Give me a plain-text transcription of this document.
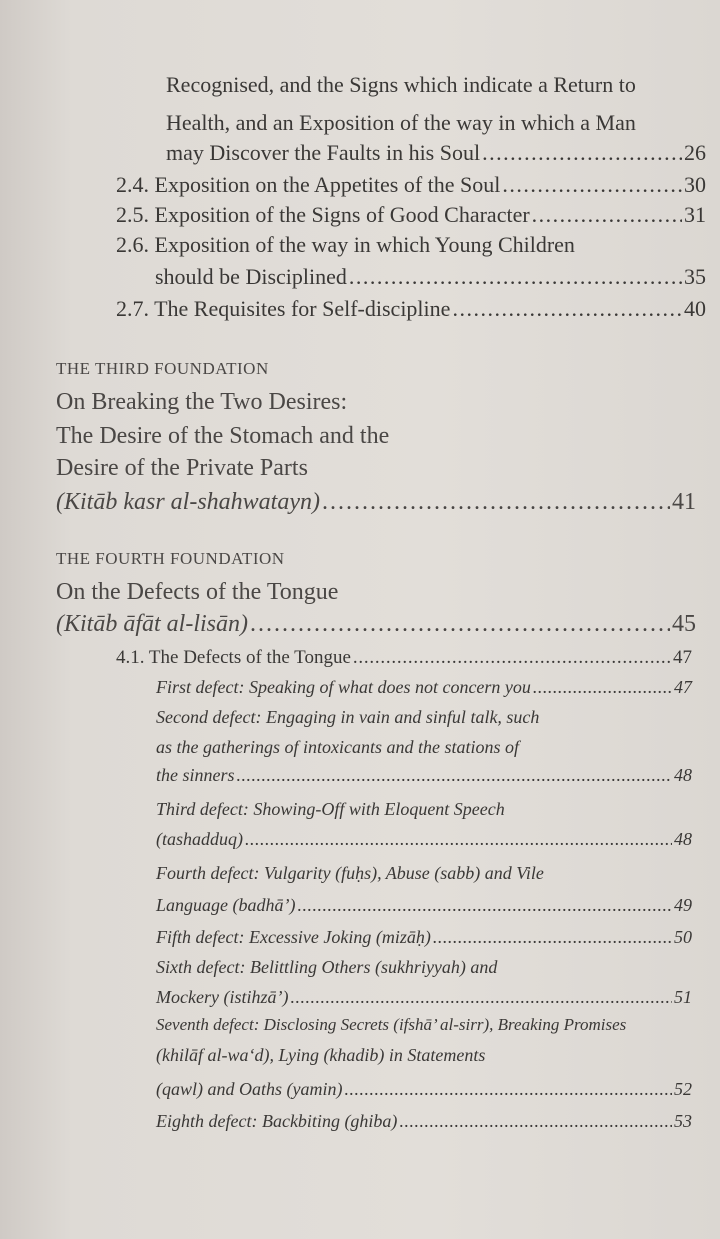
Recognised, and the Signs which indicate a Return to
Health, and an Exposition of the way in which a Man
may Discover the Faults in his Soul . . .	26
2.4. Exposition on the Appetites of the Soul . . .	30
2.5. Exposition of the Signs of Good Character . . .	31
2.6. Exposition of the way in which Young Children
should be Disciplined . . .	35
2.7. The Requisites for Self-discipline . . .	40
THE THIRD FOUNDATION
On Breaking the Two Desires:
The Desire of the Stomach and the
Desire of the Private Parts
(Kitāb kasr al-shahwatayn) . . .	41
THE FOURTH FOUNDATION
On the Defects of the Tongue
(Kitāb āfāt al-lisān) . . .	45
4.1. The Defects of the Tongue . . .	47
First defect: Speaking of what does not concern you . . .	47
Second defect: Engaging in vain and sinful talk, such
as the gatherings of intoxicants and the stations of
the sinners . . .	48
Third defect: Showing-Off with Eloquent Speech
(tashadduq) . . .	48
Fourth defect: Vulgarity (fuḥs), Abuse (sabb) and Vile
Language (badhā’) . . .	49
Fifth defect: Excessive Joking (mizāḥ) . . .	50
Sixth defect: Belittling Others (sukhriyyah) and
Mockery (istihzā’) . . .	51
Seventh defect: Disclosing Secrets (ifshā’ al-sirr), Breaking Promises
(khilāf al-wa‘d), Lying (khadib) in Statements
(qawl) and Oaths (yamin) . . .	52
Eighth defect: Backbiting (ghiba) . . .	53
